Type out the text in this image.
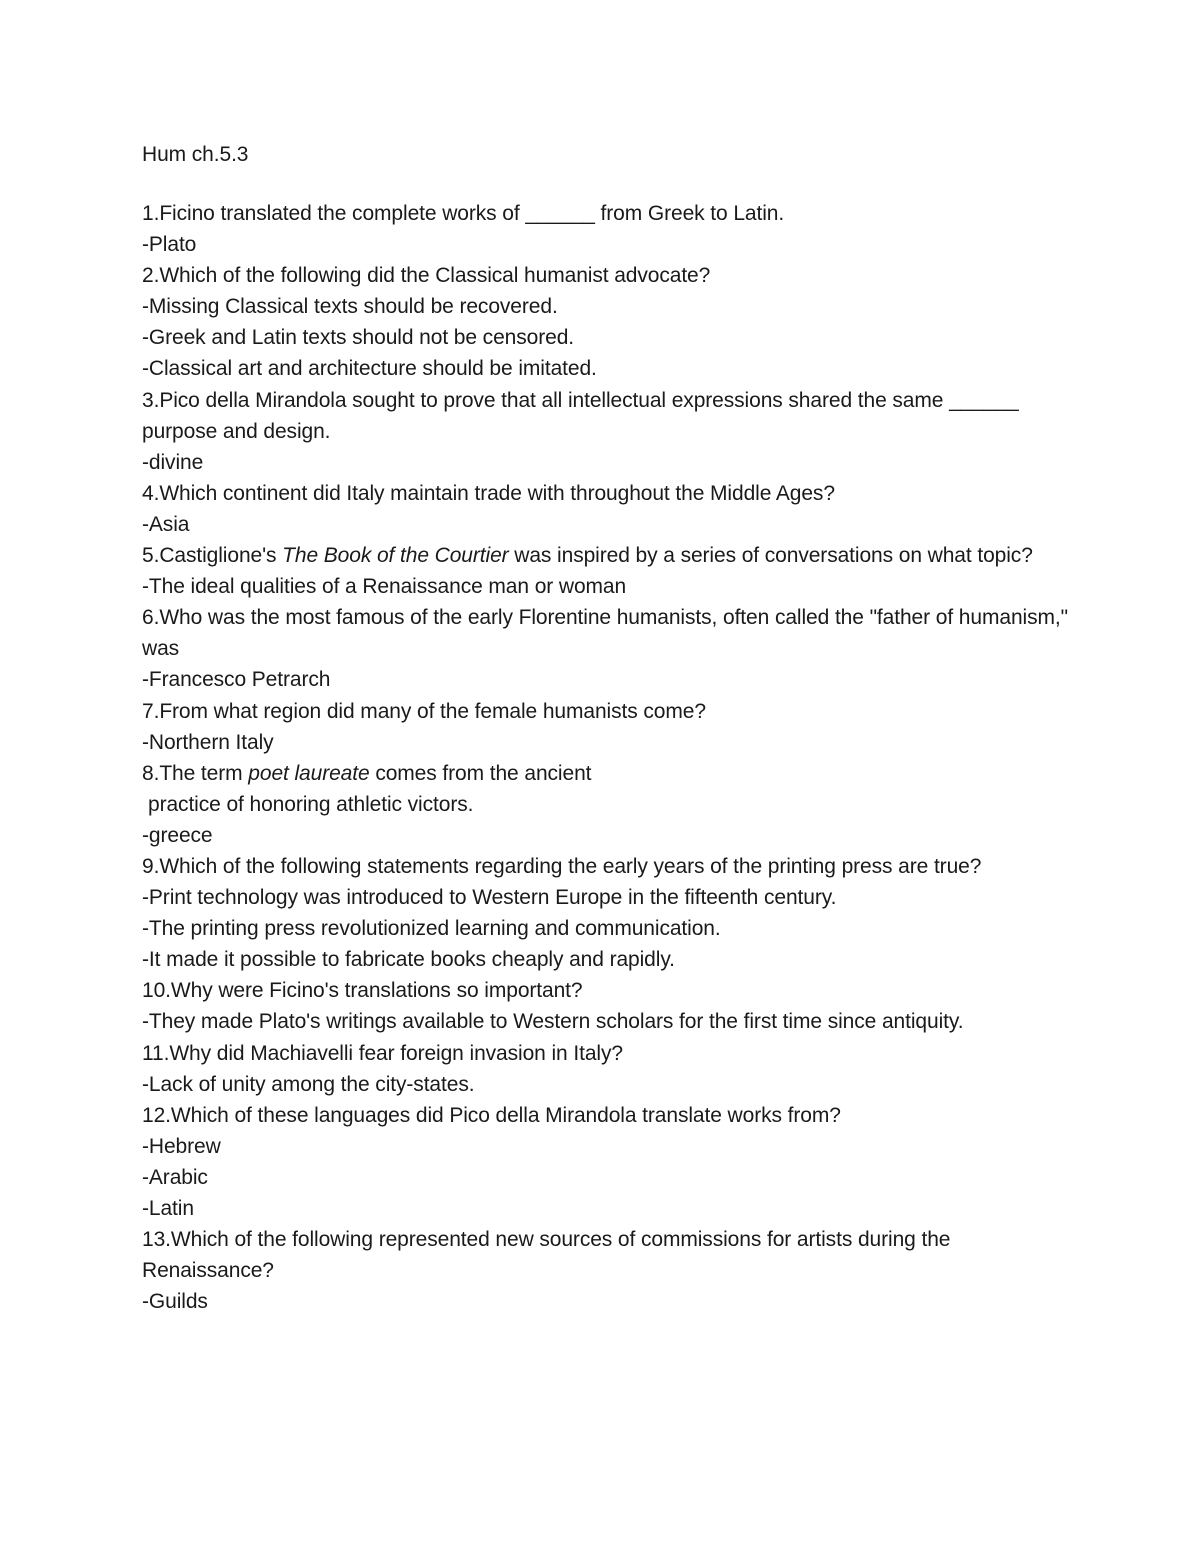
Hum ch.5.3

1.Ficino translated the complete works of ______ from Greek to Latin.

-Plato

2.Which of the following did the Classical humanist advocate?

-Missing Classical texts should be recovered.

-Greek and Latin texts should not be censored.

-Classical art and architecture should be imitated.

3.Pico della Mirandola sought to prove that all intellectual expressions shared the same ______ purpose and design.

-divine

4.Which continent did Italy maintain trade with throughout the Middle Ages?

-Asia

5.Castiglione's The Book of the Courtier was inspired by a series of conversations on what topic?

-The ideal qualities of a Renaissance man or woman

6.Who was the most famous of the early Florentine humanists, often called the "father of humanism," was

-Francesco Petrarch

7.From what region did many of the female humanists come?

-Northern Italy

8.The term poet laureate comes from the ancient

practice of honoring athletic victors.

-greece

9.Which of the following statements regarding the early years of the printing press are true?

-Print technology was introduced to Western Europe in the fifteenth century.

-The printing press revolutionized learning and communication.

-It made it possible to fabricate books cheaply and rapidly.

10.Why were Ficino's translations so important?

-They made Plato's writings available to Western scholars for the first time since antiquity.

11.Why did Machiavelli fear foreign invasion in Italy?

-Lack of unity among the city-states.

12.Which of these languages did Pico della Mirandola translate works from?

-Hebrew

-Arabic

-Latin

13.Which of the following represented new sources of commissions for artists during the Renaissance?

-Guilds
